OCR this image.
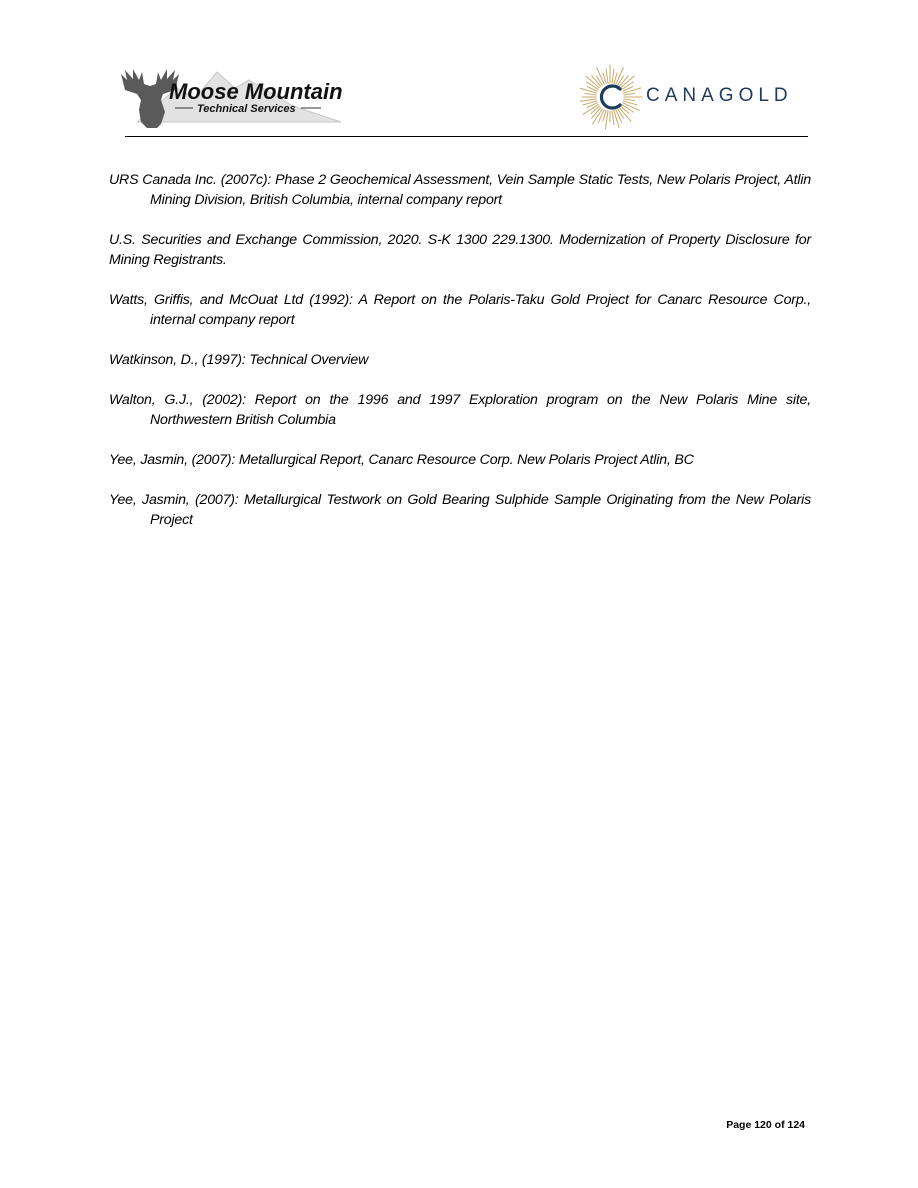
Moose Mountain
Technical Services
CANAGOLD
URS Canada Inc. (2007c): Phase 2 Geochemical Assessment, Vein Sample Static Tests, New Polaris Project, Atlin Mining Division, British Columbia, internal company report
U.S. Securities and Exchange Commission, 2020. S-K 1300 229.1300. Modernization of Property Disclosure for Mining Registrants.
Watts, Griffis, and McOuat Ltd (1992): A Report on the Polaris-Taku Gold Project for Canarc Resource Corp., internal company report
Watkinson, D., (1997): Technical Overview
Walton, G.J., (2002): Report on the 1996 and 1997 Exploration program on the New Polaris Mine site, Northwestern British Columbia
Yee, Jasmin, (2007): Metallurgical Report, Canarc Resource Corp. New Polaris Project Atlin, BC
Yee, Jasmin, (2007): Metallurgical Testwork on Gold Bearing Sulphide Sample Originating from the New Polaris Project
Page 120 of 124
